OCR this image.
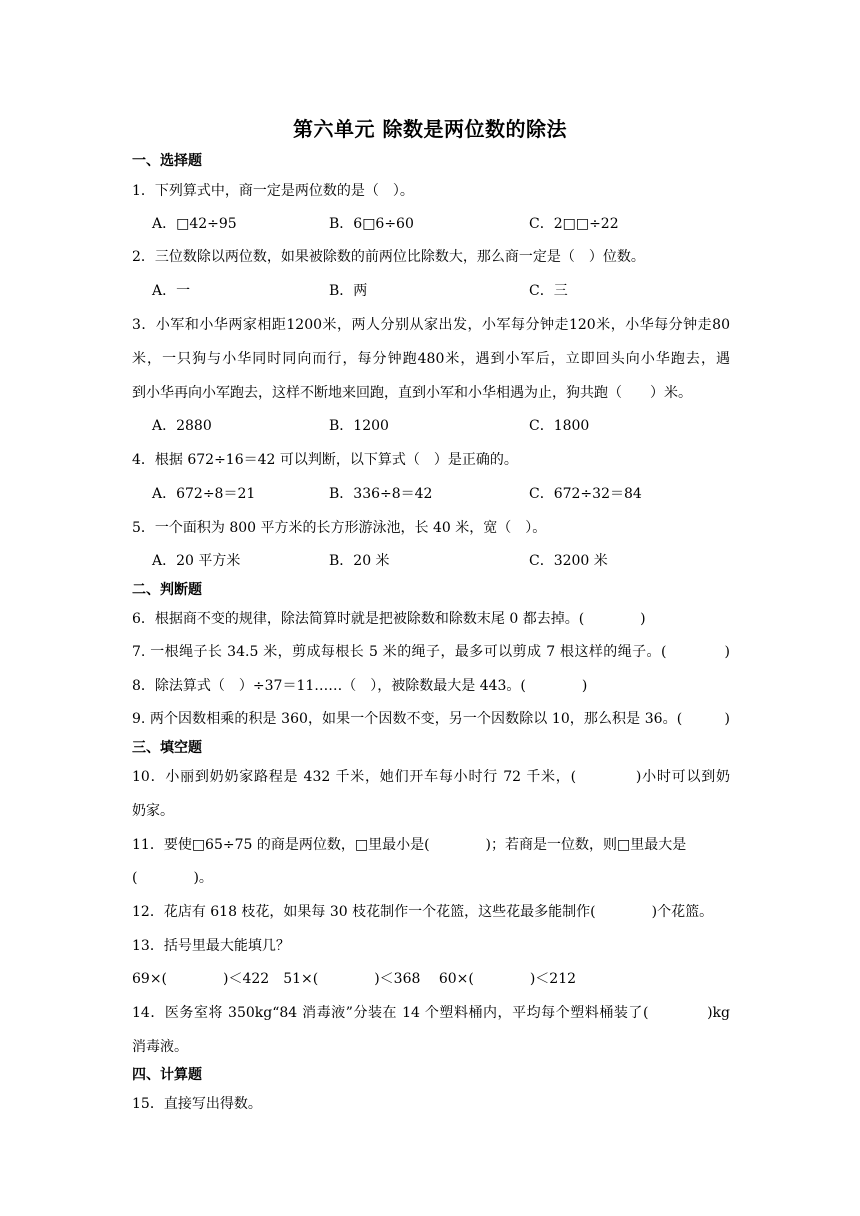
第六单元 除数是两位数的除法
一、选择题
1．下列算式中，商一定是两位数的是（　）。
A．□42÷95	B．6□6÷60	C．2□□÷22
2．三位数除以两位数，如果被除数的前两位比除数大，那么商一定是（　）位数。
A．一	B．两	C．三
3．小军和小华两家相距1200米，两人分别从家出发，小军每分钟走120米，小华每分钟走80
米，一只狗与小华同时同向而行，每分钟跑480米，遇到小军后，立即回头向小华跑去，遇
到小华再向小军跑去，这样不断地来回跑，直到小军和小华相遇为止，狗共跑（　　）米。
A．2880	B．1200	C．1800
4．根据 672÷16＝42 可以判断，以下算式（　）是正确的。
A．672÷8＝21	B．336÷8＝42	C．672÷32＝84
5．一个面积为 800 平方米的长方形游泳池，长 40 米，宽（　）。
A．20 平方米	B．20 米	C．3200 米
二、判断题
6．根据商不变的规律，除法简算时就是把被除数和除数末尾 0 都去掉。(　　　　)
7. 一根绳子长 34.5 米，剪成每根长 5 米的绳子，最多可以剪成 7 根这样的绳子。(　　　　)
8．除法算式（　）÷37＝11……（　），被除数最大是 443。(　　　　)
9. 两个因数相乘的积是 360，如果一个因数不变，另一个因数除以 10，那么积是 36。(　　　)
三、填空题
10．小丽到奶奶家路程是 432 千米，她们开车每小时行 72 千米，(　　　　)小时可以到奶
奶家。
11．要使□65÷75 的商是两位数，□里最小是(　　　　)；若商是一位数，则□里最大是
(　　　　)。
12．花店有 618 枝花，如果每 30 枝花制作一个花篮，这些花最多能制作(　　　　)个花篮。
13．括号里最大能填几？
69×(　　　　)＜422　51×(　　　　)＜368　 60×(　　　　)＜212
14．医务室将 350kg“84 消毒液”分装在 14 个塑料桶内，平均每个塑料桶装了(　　　　)kg
消毒液。
四、计算题
15．直接写出得数。
